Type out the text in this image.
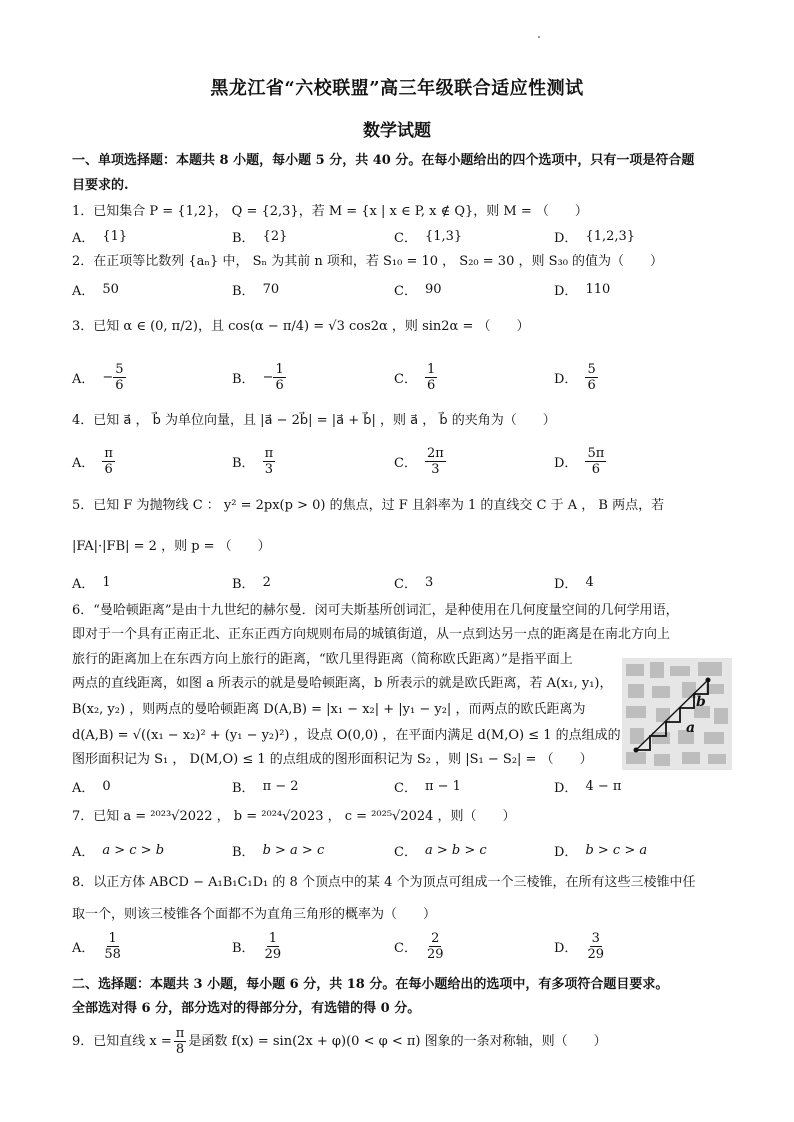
黑龙江省“六校联盟”高三年级联合适应性测试
数学试题
一、单项选择题：本题共 8 小题，每小题 5 分，共 40 分。在每小题给出的四个选项中，只有一项是符合题
目要求的.
1．已知集合 P = {1,2}， Q = {2,3}，若 M = {x | x ∈ P, x ∉ Q}，则 M = （　　）
A． {1}	B． {2}	C． {1,3}	D． {1,2,3}
2．在正项等比数列 {aₙ} 中， Sₙ 为其前 n 项和，若 S₁₀ = 10 ， S₂₀ = 30 ，则 S₃₀ 的值为（　　）
A． 50	B． 70	C． 90	D． 110
3．已知 α ∈ (0, π/2)，且 cos(α − π/4) = √3 cos2α ，则 sin2α = （　　）
A． − $\frac{5}{6}$	B． − $\frac{1}{6}$	C． $\frac{1}{6}$	D． $\frac{5}{6}$
4．已知 a⃗ ， b⃗ 为单位向量，且 |a⃗ − 2b⃗| = |a⃗ + b⃗| ，则 a⃗ ， b⃗ 的夹角为（　　）
A． $\frac{\pi}{6}$	B． $\frac{\pi}{3}$	C． $\frac{2\pi}{3}$	D． $\frac{5\pi}{6}$
5．已知 F 为抛物线 C ： y² = 2px(p > 0) 的焦点，过 F 且斜率为 1 的直线交 C 于 A ， B 两点，若
|FA|·|FB| = 2 ，则 p = （　　）
A． 1	B． 2	C． 3	D． 4
6．“曼哈顿距离”是由十九世纪的赫尔曼．闵可夫斯基所创词汇，是种使用在几何度量空间的几何学用语，
即对于一个具有正南正北、正东正西方向规则布局的城镇街道，从一点到达另一点的距离是在南北方向上
旅行的距离加上在东西方向上旅行的距离，“欧几里得距离（简称欧氏距离）”是指平面上
两点的直线距离，如图 a 所表示的就是曼哈顿距离，b 所表示的就是欧氏距离，若 A(x₁, y₁)，
B(x₂, y₂) ，则两点的曼哈顿距离 D(A,B) = |x₁ − x₂| + |y₁ − y₂| ，而两点的欧氏距离为
d(A,B) = √((x₁ − x₂)² + (y₁ − y₂)²) ，设点 O(0,0) ，在平面内满足 d(M,O) ≤ 1 的点组成的
图形面积记为 S₁ ， D(M,O) ≤ 1 的点组成的图形面积记为 S₂ ，则 |S₁ − S₂| = （　　）
b
a
A． 0	B． π − 2	C． π − 1	D． 4 − π
7．已知 a = ²⁰²³√2022 ， b = ²⁰²⁴√2023 ， c = ²⁰²⁵√2024 ，则（　　）
A． a > c > b	B． b > a > c	C． a > b > c	D． b > c > a
8．以正方体 ABCD − A₁B₁C₁D₁ 的 8 个顶点中的某 4 个为顶点可组成一个三棱锥，在所有这些三棱锥中任
取一个，则该三棱锥各个面都不为直角三角形的概率为（　　）
A． $\frac{1}{58}$	B． $\frac{1}{29}$	C． $\frac{2}{29}$	D． $\frac{3}{29}$
二、选择题：本题共 3 小题，每小题 6 分，共 18 分。在每小题给出的选项中，有多项符合题目要求。
全部选对得 6 分，部分选对的得部分分，有选错的得 0 分。
9．已知直线 $x = \frac{\pi}{8}$ 是函数 f(x) = sin(2x + φ)(0 < φ < π) 图象的一条对称轴，则（　　）
